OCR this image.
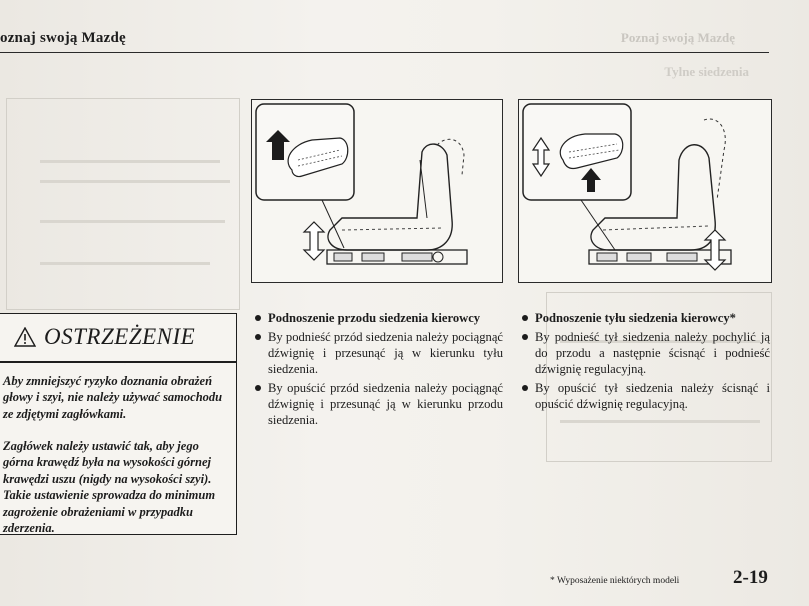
Poznaj swoją Mazdę
Tylne siedzenia
oznaj swoją Mazdę
OSTRZEŻENIE
Aby zmniejszyć ryzyko doznania obrażeń głowy i szyi, nie należy używać samochodu ze zdjętymi zagłówkami.
Zagłówek należy ustawić tak, aby jego górna krawędź była na wysokości górnej krawędzi uszu (nigdy na wysokości szyi). Takie ustawienie sprowadza do minimum zagrożenie obrażeniami w przypadku zderzenia.
Podnoszenie przodu siedzenia kierowcy
By podnieść przód siedzenia należy pociągnąć dźwignię i przesunąć ją w kierunku tyłu siedzenia.
By opuścić przód siedzenia należy pociągnąć dźwignię i przesunąć ją w kierunku przodu siedzenia.
Podnoszenie tyłu siedzenia kierowcy*
By podnieść tył siedzenia należy pochylić ją do przodu a następnie ścisnąć i podnieść dźwignię regulacyjną.
By opuścić tył siedzenia należy ścisnąć i opuścić dźwignię regulacyjną.
* Wyposażenie niektórych modeli	2-19
